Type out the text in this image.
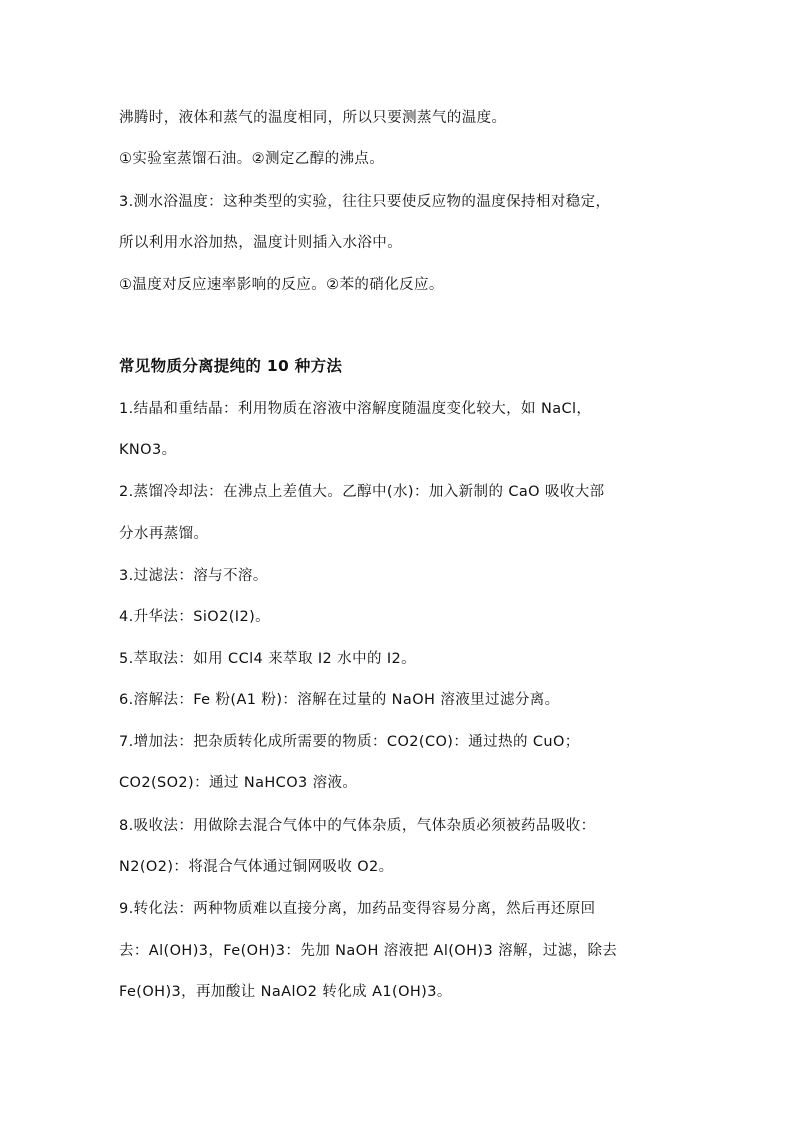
沸腾时，液体和蒸气的温度相同，所以只要测蒸气的温度。
①实验室蒸馏石油。②测定乙醇的沸点。
3.测水浴温度：这种类型的实验，往往只要使反应物的温度保持相对稳定，
所以利用水浴加热，温度计则插入水浴中。
①温度对反应速率影响的反应。②苯的硝化反应。
常见物质分离提纯的 10 种方法
1.结晶和重结晶：利用物质在溶液中溶解度随温度变化较大，如 NaCl，
KNO3。
2.蒸馏冷却法：在沸点上差值大。乙醇中(水)：加入新制的 CaO 吸收大部
分水再蒸馏。
3.过滤法：溶与不溶。
4.升华法：SiO2(I2)。
5.萃取法：如用 CCl4 来萃取 I2 水中的 I2。
6.溶解法：Fe 粉(A1 粉)：溶解在过量的 NaOH 溶液里过滤分离。
7.增加法：把杂质转化成所需要的物质：CO2(CO)：通过热的 CuO；
CO2(SO2)：通过 NaHCO3 溶液。
8.吸收法：用做除去混合气体中的气体杂质，气体杂质必须被药品吸收：
N2(O2)：将混合气体通过铜网吸收 O2。
9.转化法：两种物质难以直接分离，加药品变得容易分离，然后再还原回
去：Al(OH)3，Fe(OH)3：先加 NaOH 溶液把 Al(OH)3 溶解，过滤，除去
Fe(OH)3，再加酸让 NaAlO2 转化成 A1(OH)3。
